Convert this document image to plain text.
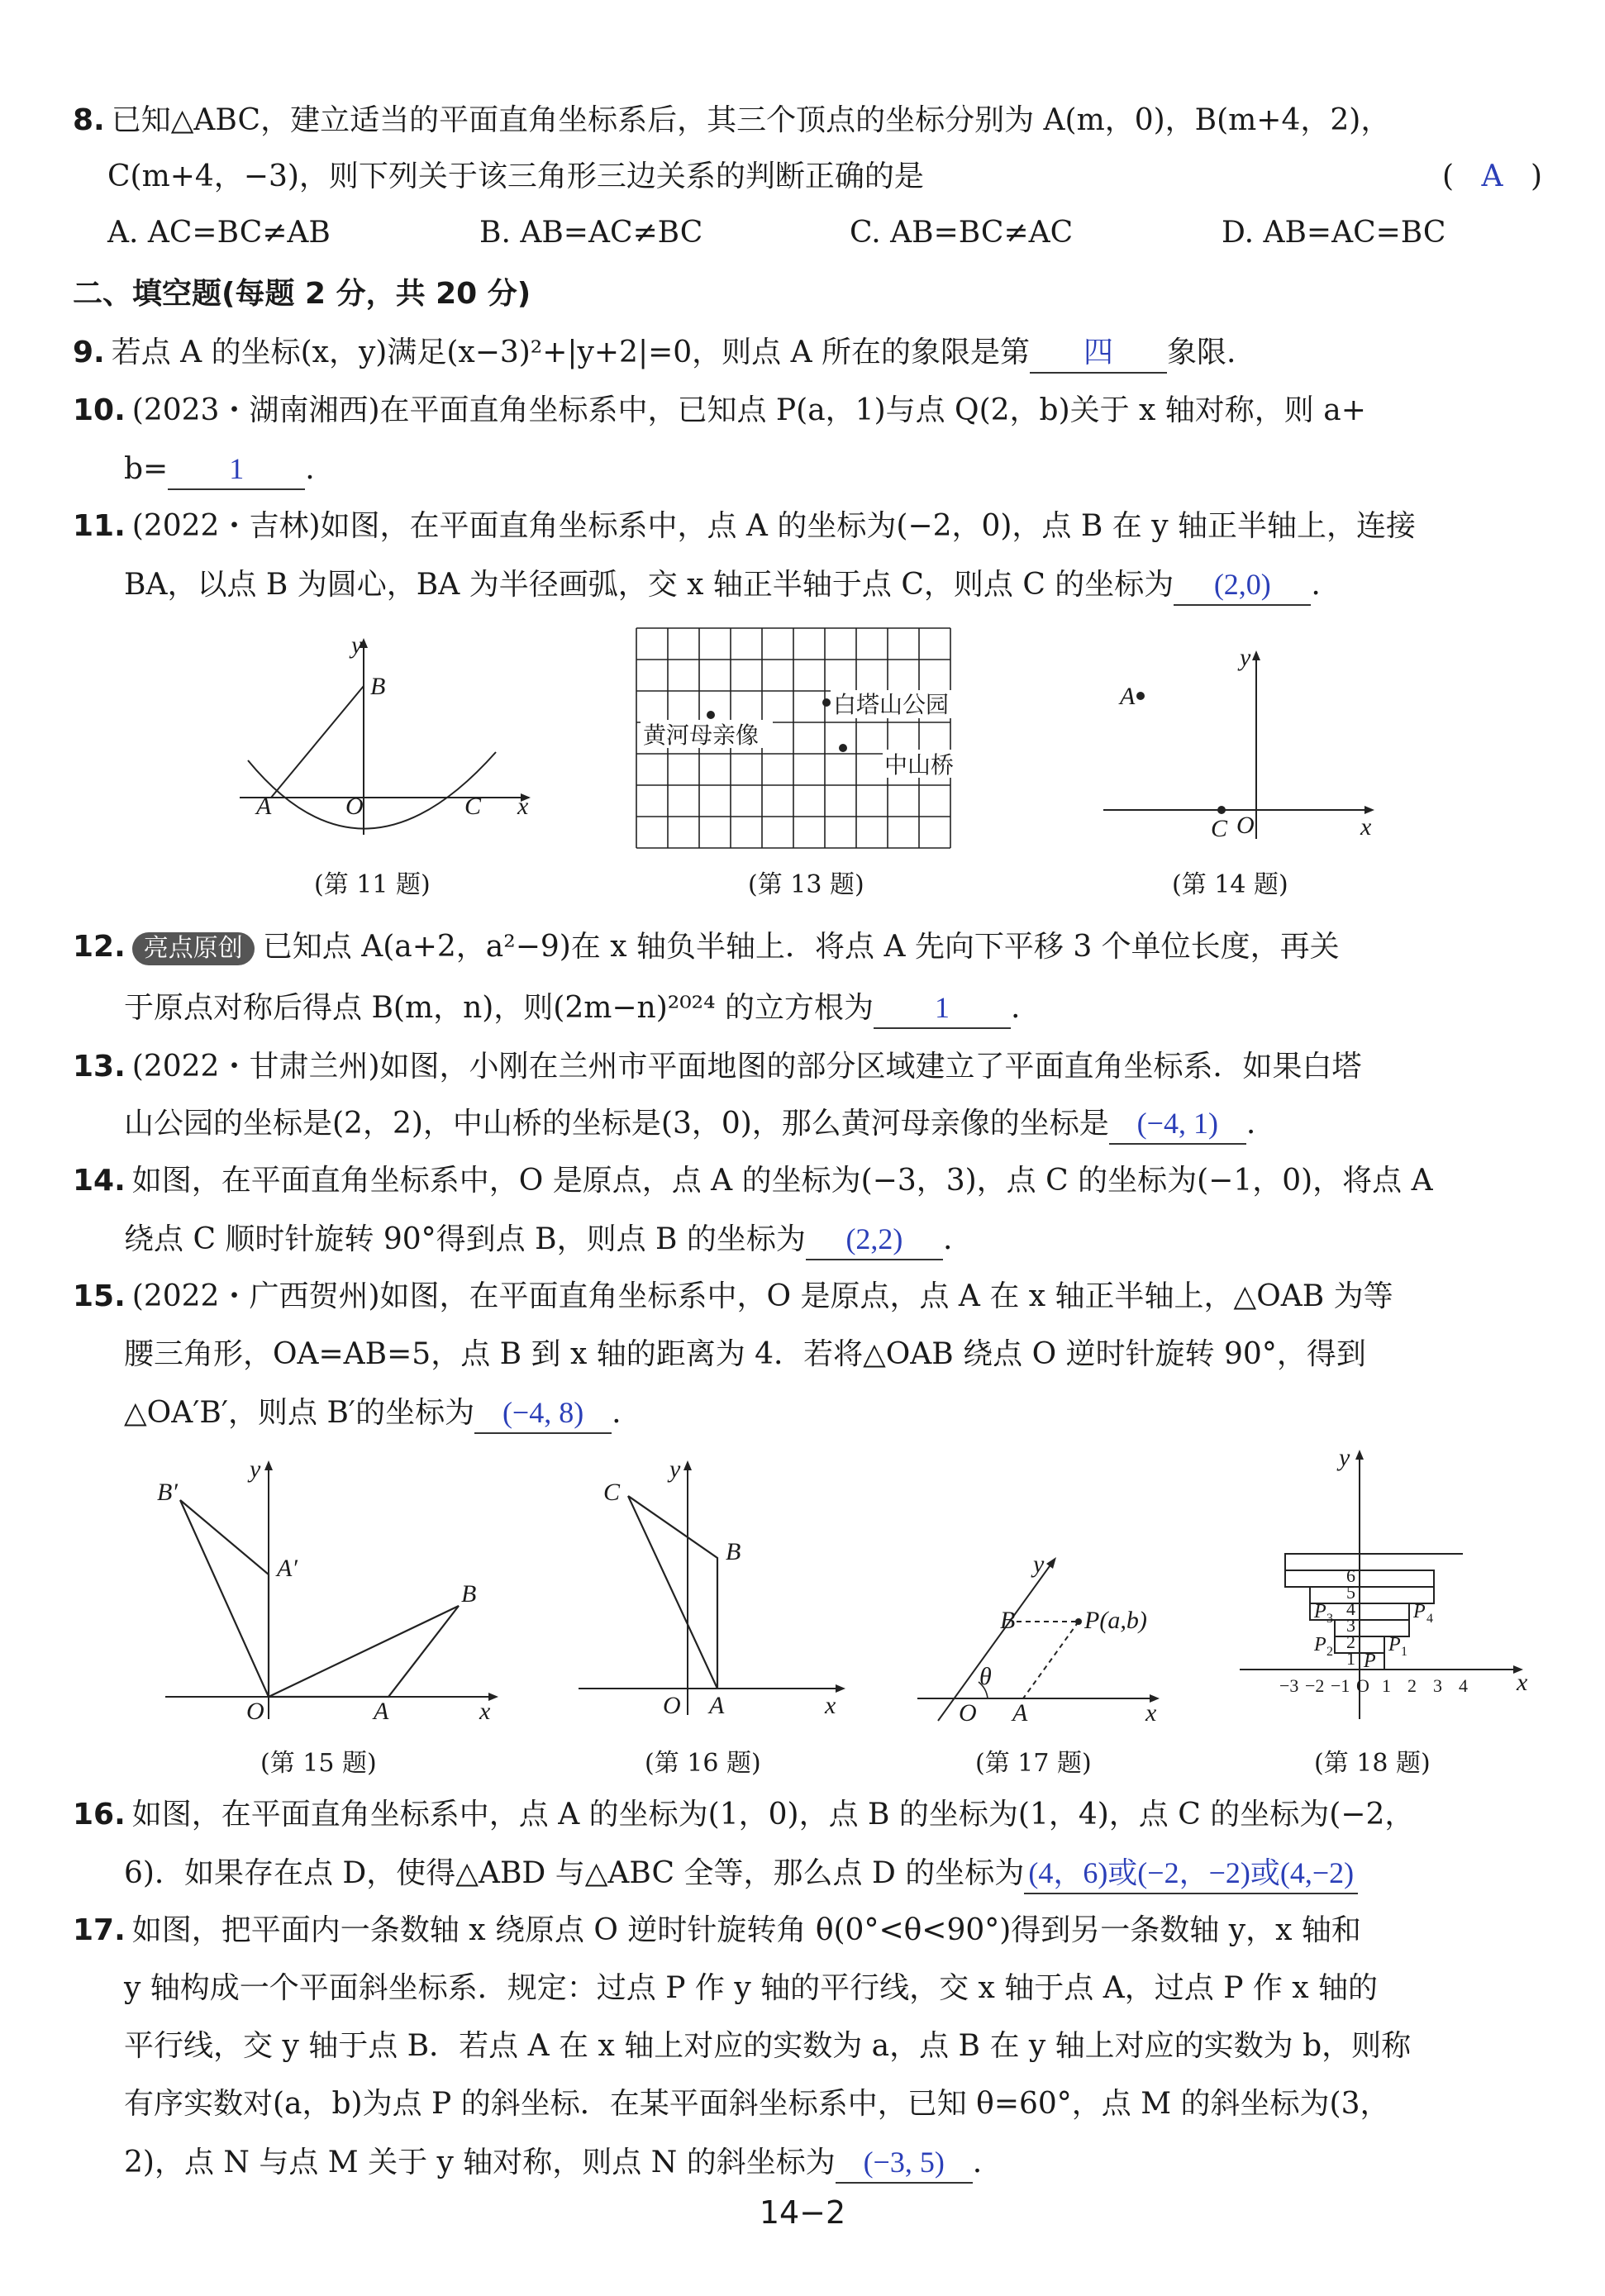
8. 已知△ABC，建立适当的平面直角坐标系后，其三个顶点的坐标分别为 A(m，0)，B(m+4，2)，
C(m+4，−3)，则下列关于该三角形三边关系的判断正确的是	( A )
A. AC=BC≠AB	B. AB=AC≠BC	C. AB=BC≠AC	D. AB=AC=BC
二、填空题(每题 2 分，共 20 分)
9. 若点 A 的坐标(x，y)满足(x−3)²+|y+2|=0，则点 A 所在的象限是第 四 象限.
10. (2023・湖南湘西)在平面直角坐标系中，已知点 P(a，1)与点 Q(2，b)关于 x 轴对称，则 a+
b= 1 .
11. (2022・吉林)如图，在平面直角坐标系中，点 A 的坐标为(−2，0)，点 B 在 y 轴正半轴上，连接
BA，以点 B 为圆心，BA 为半径画弧，交 x 轴正半轴于点 C，则点 C 的坐标为 (2,0) .
y
B
A	O	C x
(第 11 题)
黄河母亲像
白塔山公园
中山桥
(第 13 题)
y
A
C O	x
(第 14 题)
12. 亮点原创 已知点 A(a+2，a²−9)在 x 轴负半轴上．将点 A 先向下平移 3 个单位长度，再关
于原点对称后得点 B(m，n)，则(2m−n)²⁰²⁴ 的立方根为 1 .
13. (2022・甘肃兰州)如图，小刚在兰州市平面地图的部分区域建立了平面直角坐标系．如果白塔
山公园的坐标是(2，2)，中山桥的坐标是(3，0)，那么黄河母亲像的坐标是 (−4, 1) .
14. 如图，在平面直角坐标系中，O 是原点，点 A 的坐标为(−3，3)，点 C 的坐标为(−1，0)，将点 A
绕点 C 顺时针旋转 90°得到点 B，则点 B 的坐标为 (2,2) .
15. (2022・广西贺州)如图，在平面直角坐标系中，O 是原点，点 A 在 x 轴正半轴上，△OAB 为等
腰三角形，OA=AB=5，点 B 到 x 轴的距离为 4．若将△OAB 绕点 O 逆时针旋转 90°，得到
△OA′B′，则点 B′的坐标为 (−4, 8) .
y
B′
A′
B
O	A	x
(第 15 题)
y
C
B
O A	x
(第 16 题)
y
B	P(a,b)
θ
O A	x
(第 17 题)
6
5
4
3
2
1
−3 −2 −1 O 1 2 3 4
y
x
P
P 1
P 2
P 3	P 4
(第 18 题)
16. 如图，在平面直角坐标系中，点 A 的坐标为(1，0)，点 B 的坐标为(1，4)，点 C 的坐标为(−2，
6)．如果存在点 D，使得△ABD 与△ABC 全等，那么点 D 的坐标为 (4，6)或(−2，−2)或(4,−2)
17. 如图，把平面内一条数轴 x 绕原点 O 逆时针旋转角 θ(0°<θ<90°)得到另一条数轴 y，x 轴和
y 轴构成一个平面斜坐标系．规定：过点 P 作 y 轴的平行线，交 x 轴于点 A，过点 P 作 x 轴的
平行线，交 y 轴于点 B．若点 A 在 x 轴上对应的实数为 a，点 B 在 y 轴上对应的实数为 b，则称
有序实数对(a，b)为点 P 的斜坐标．在某平面斜坐标系中，已知 θ=60°，点 M 的斜坐标为(3，
2)，点 N 与点 M 关于 y 轴对称，则点 N 的斜坐标为 (−3, 5) .
14−2
